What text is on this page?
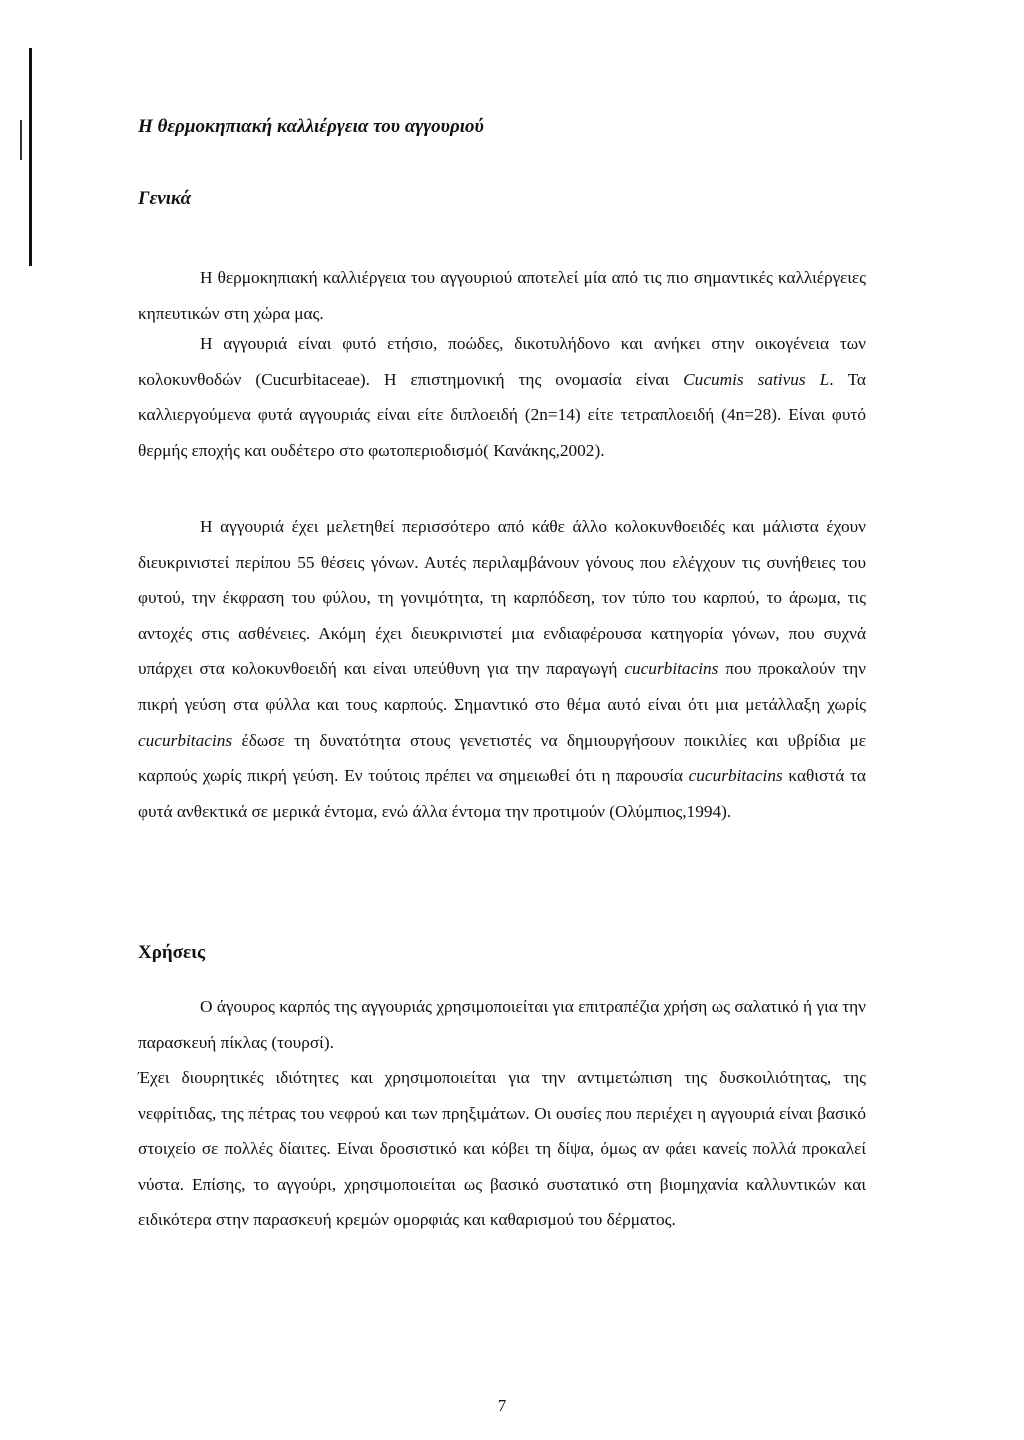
Η θερμοκηπιακή καλλιέργεια του αγγουριού
Γενικά

Η θερμοκηπιακή καλλιέργεια του αγγουριού αποτελεί μία από τις πιο σημαντικές καλλιέργειες κηπευτικών στη χώρα μας.

Η αγγουριά είναι φυτό ετήσιο, ποώδες, δικοτυλήδονο και ανήκει στην οικογένεια των κολοκυνθοδών (Cucurbitaceae). Η επιστημονική της ονομασία είναι Cucumis sativus L. Τα καλλιεργούμενα φυτά αγγουριάς είναι είτε διπλοειδή (2n=14) είτε τετραπλοειδή (4n=28). Είναι φυτό θερμής εποχής και ουδέτερο στο φωτοπεριοδισμό( Κανάκης,2002).

Η αγγουριά έχει μελετηθεί περισσότερο από κάθε άλλο κολοκυνθοειδές και μάλιστα έχουν διευκρινιστεί περίπου 55 θέσεις γόνων. Αυτές περιλαμβάνουν γόνους που ελέγχουν τις συνήθειες του φυτού, την έκφραση του φύλου, τη γονιμότητα, τη καρπόδεση, τον τύπο του καρπού, το άρωμα, τις αντοχές στις ασθένειες. Ακόμη έχει διευκρινιστεί μια ενδιαφέρουσα κατηγορία γόνων, που συχνά υπάρχει στα κολοκυνθοειδή και είναι υπεύθυνη για την παραγωγή cucurbitacins που προκαλούν την πικρή γεύση στα φύλλα και τους καρπούς. Σημαντικό στο θέμα αυτό είναι ότι μια μετάλλαξη χωρίς cucurbitacins έδωσε τη δυνατότητα στους γενετιστές να δημιουργήσουν ποικιλίες και υβρίδια με καρπούς χωρίς πικρή γεύση. Εν τούτοις πρέπει να σημειωθεί ότι η παρουσία cucurbitacins καθιστά τα φυτά ανθεκτικά σε μερικά έντομα, ενώ άλλα έντομα την προτιμούν (Ολύμπιος,1994).

Χρήσεις

Ο άγουρος καρπός της αγγουριάς χρησιμοποιείται για επιτραπέζια χρήση ως σαλατικό ή για την παρασκευή πίκλας (τουρσί).

Έχει διουρητικές ιδιότητες και χρησιμοποιείται για την αντιμετώπιση της δυσκοιλιότητας, της νεφρίτιδας, της πέτρας του νεφρού και των πρηξιμάτων. Οι ουσίες που περιέχει η αγγουριά είναι βασικό στοιχείο σε πολλές δίαιτες. Είναι δροσιστικό και κόβει τη δίψα, όμως αν φάει κανείς πολλά προκαλεί νύστα. Επίσης, το αγγούρι, χρησιμοποιείται ως βασικό συστατικό στη βιομηχανία καλλυντικών και ειδικότερα στην παρασκευή κρεμών ομορφιάς και καθαρισμού του δέρματος.

7
